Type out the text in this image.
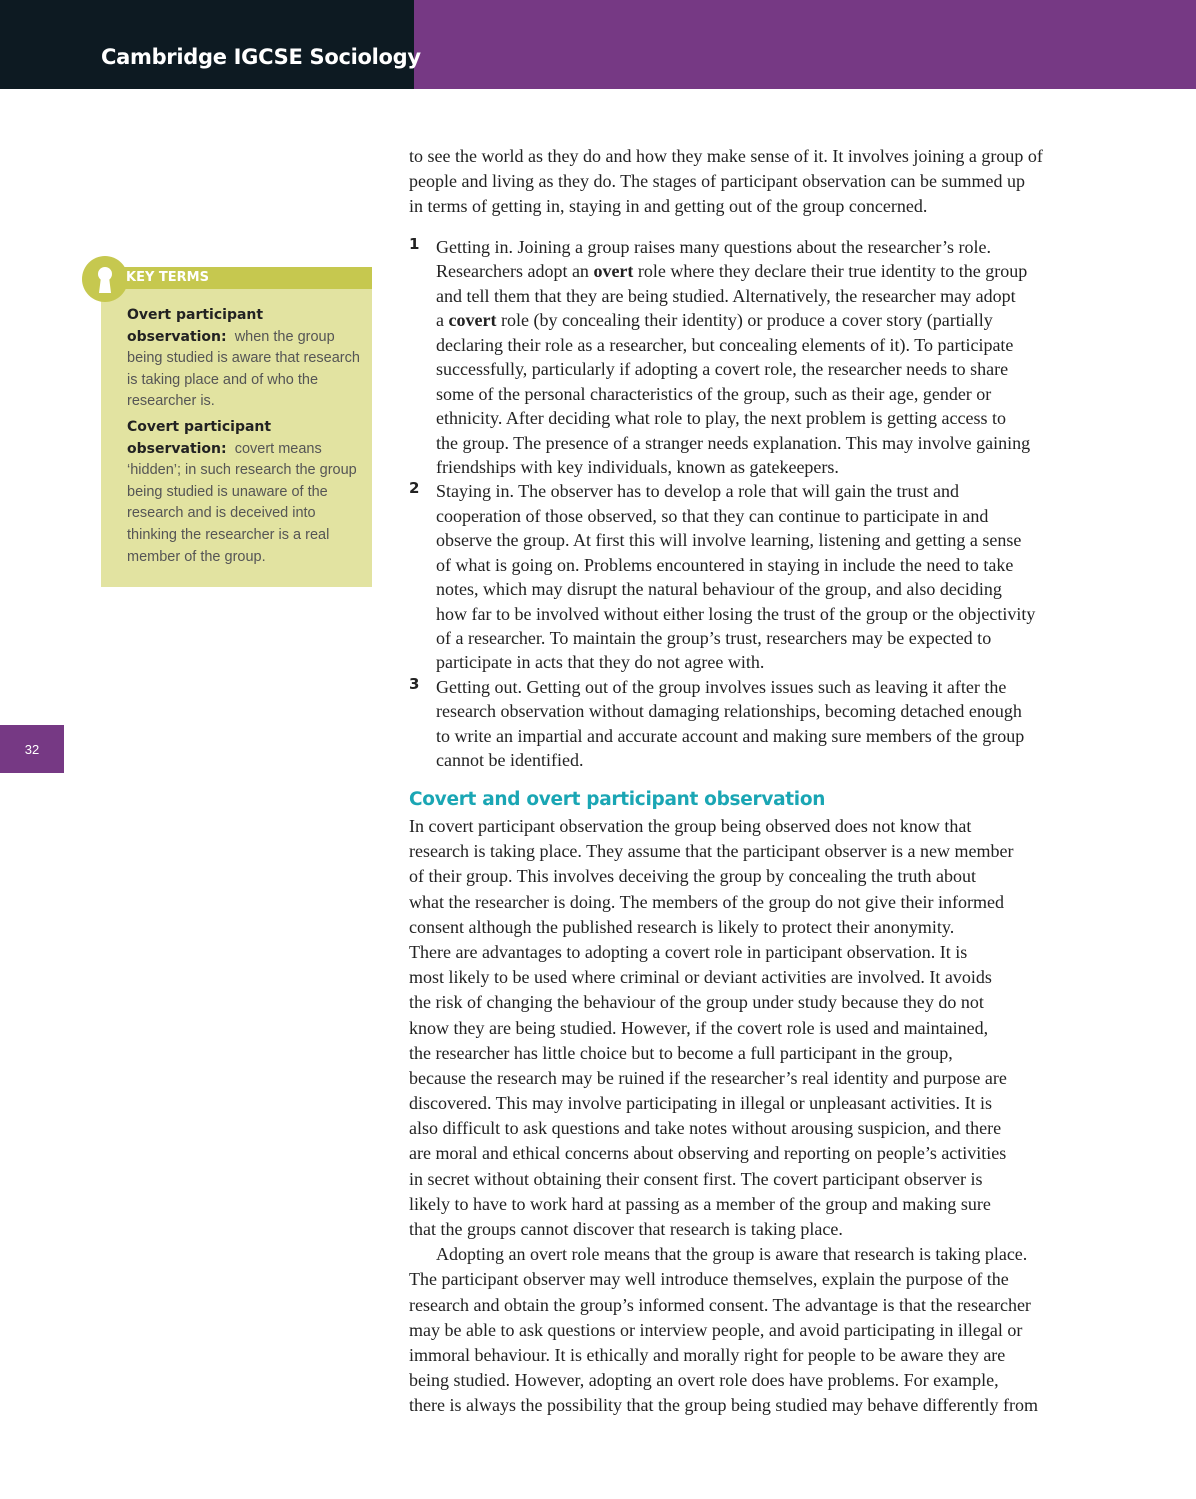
Cambridge IGCSE Sociology
32
KEY TERMS

Overt participant observation: when the group being studied is aware that research is taking place and of who the researcher is.

Covert participant observation: covert means ‘hidden’; in such research the group being studied is unaware of the research and is deceived into thinking the researcher is a real member of the group.

to see the world as they do and how they make sense of it. It involves joining a group of
people and living as they do. The stages of participant observation can be summed up
in terms of getting in, staying in and getting out of the group concerned.
1 Getting in. Joining a group raises many questions about the researcher’s role.
Researchers adopt an overt role where they declare their true identity to the group
and tell them that they are being studied. Alternatively, the researcher may adopt
a covert role (by concealing their identity) or produce a cover story (partially
declaring their role as a researcher, but concealing elements of it). To participate
successfully, particularly if adopting a covert role, the researcher needs to share
some of the personal characteristics of the group, such as their age, gender or
ethnicity. After deciding what role to play, the next problem is getting access to
the group. The presence of a stranger needs explanation. This may involve gaining
friendships with key individuals, known as gatekeepers.
2 Staying in. The observer has to develop a role that will gain the trust and
cooperation of those observed, so that they can continue to participate in and
observe the group. At first this will involve learning, listening and getting a sense
of what is going on. Problems encountered in staying in include the need to take
notes, which may disrupt the natural behaviour of the group, and also deciding
how far to be involved without either losing the trust of the group or the objectivity
of a researcher. To maintain the group’s trust, researchers may be expected to
participate in acts that they do not agree with.
3 Getting out. Getting out of the group involves issues such as leaving it after the
research observation without damaging relationships, becoming detached enough
to write an impartial and accurate account and making sure members of the group
cannot be identified.
Covert and overt participant observation
In covert participant observation the group being observed does not know that
research is taking place. They assume that the participant observer is a new member
of their group. This involves deceiving the group by concealing the truth about
what the researcher is doing. The members of the group do not give their informed
consent although the published research is likely to protect their anonymity.
There are advantages to adopting a covert role in participant observation. It is
most likely to be used where criminal or deviant activities are involved. It avoids
the risk of changing the behaviour of the group under study because they do not
know they are being studied. However, if the covert role is used and maintained,
the researcher has little choice but to become a full participant in the group,
because the research may be ruined if the researcher’s real identity and purpose are
discovered. This may involve participating in illegal or unpleasant activities. It is
also difficult to ask questions and take notes without arousing suspicion, and there
are moral and ethical concerns about observing and reporting on people’s activities
in secret without obtaining their consent first. The covert participant observer is
likely to have to work hard at passing as a member of the group and making sure
that the groups cannot discover that research is taking place.
Adopting an overt role means that the group is aware that research is taking place.
The participant observer may well introduce themselves, explain the purpose of the
research and obtain the group’s informed consent. The advantage is that the researcher
may be able to ask questions or interview people, and avoid participating in illegal or
immoral behaviour. It is ethically and morally right for people to be aware they are
being studied. However, adopting an overt role does have problems. For example,
there is always the possibility that the group being studied may behave differently from
